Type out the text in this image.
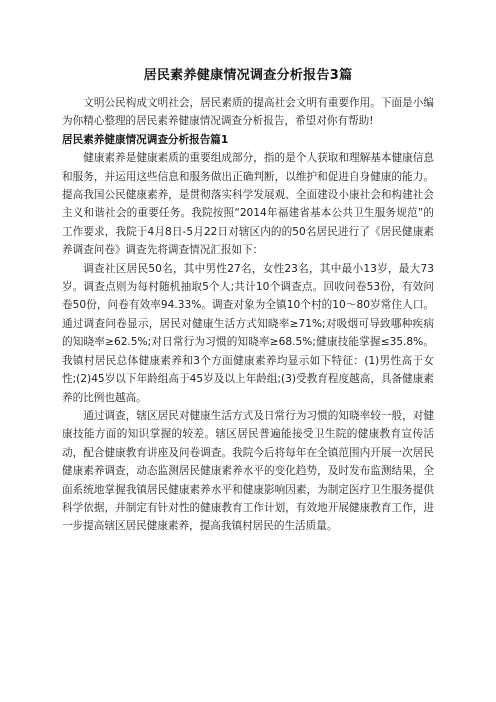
居民素养健康情况调查分析报告3篇

文明公民构成文明社会，居民素质的提高社会文明有重要作用。下面是小编为你精心整理的居民素养健康情况调查分析报告，希望对你有帮助!

居民素养健康情况调查分析报告篇1

健康素养是健康素质的重要组成部分，指的是个人获取和理解基本健康信息和服务，并运用这些信息和服务做出正确判断，以维护和促进自身健康的能力。提高我国公民健康素养，是贯彻落实科学发展观、全面建设小康社会和构建社会主义和谐社会的重要任务。我院按照“2014年福建省基本公共卫生服务规范”的工作要求，我院于4月8日-5月22日对辖区内的的50名居民进行了《居民健康素养调查问卷》调查先将调查情况汇报如下：

调查社区居民50名，其中男性27名，女性23名，其中最小13岁，最大73岁。调查点则为每村随机抽取5个人;共计10个调查点。回收问卷53份，有效问卷50份，问卷有效率94.33%。调查对象为全镇10个村的10～80岁常住人口。通过调查问卷显示，居民对健康生活方式知晓率≥71%;对吸烟可导致哪种疾病的知晓率≥62.5%;对日常行为习惯的知晓率≥68.5%;健康技能掌握≤35.8%。我镇村居民总体健康素养和3个方面健康素养均显示如下特征：(1)男性高于女性;(2)45岁以下年龄组高于45岁及以上年龄组;(3)受教育程度越高，具备健康素养的比例也越高。

通过调查，辖区居民对健康生活方式及日常行为习惯的知晓率较一般，对健康技能方面的知识掌握的较差。辖区居民普遍能接受卫生院的健康教育宣传活动，配合健康教育讲座及问卷调查。我院今后将每年在全镇范围内开展一次居民健康素养调查，动态监测居民健康素养水平的变化趋势，及时发布监测结果，全面系统地掌握我镇居民健康素养水平和健康影响因素，为制定医疗卫生服务提供科学依据，并制定有针对性的健康教育工作计划，有效地开展健康教育工作，进一步提高辖区居民健康素养，提高我镇村居民的生活质量。
